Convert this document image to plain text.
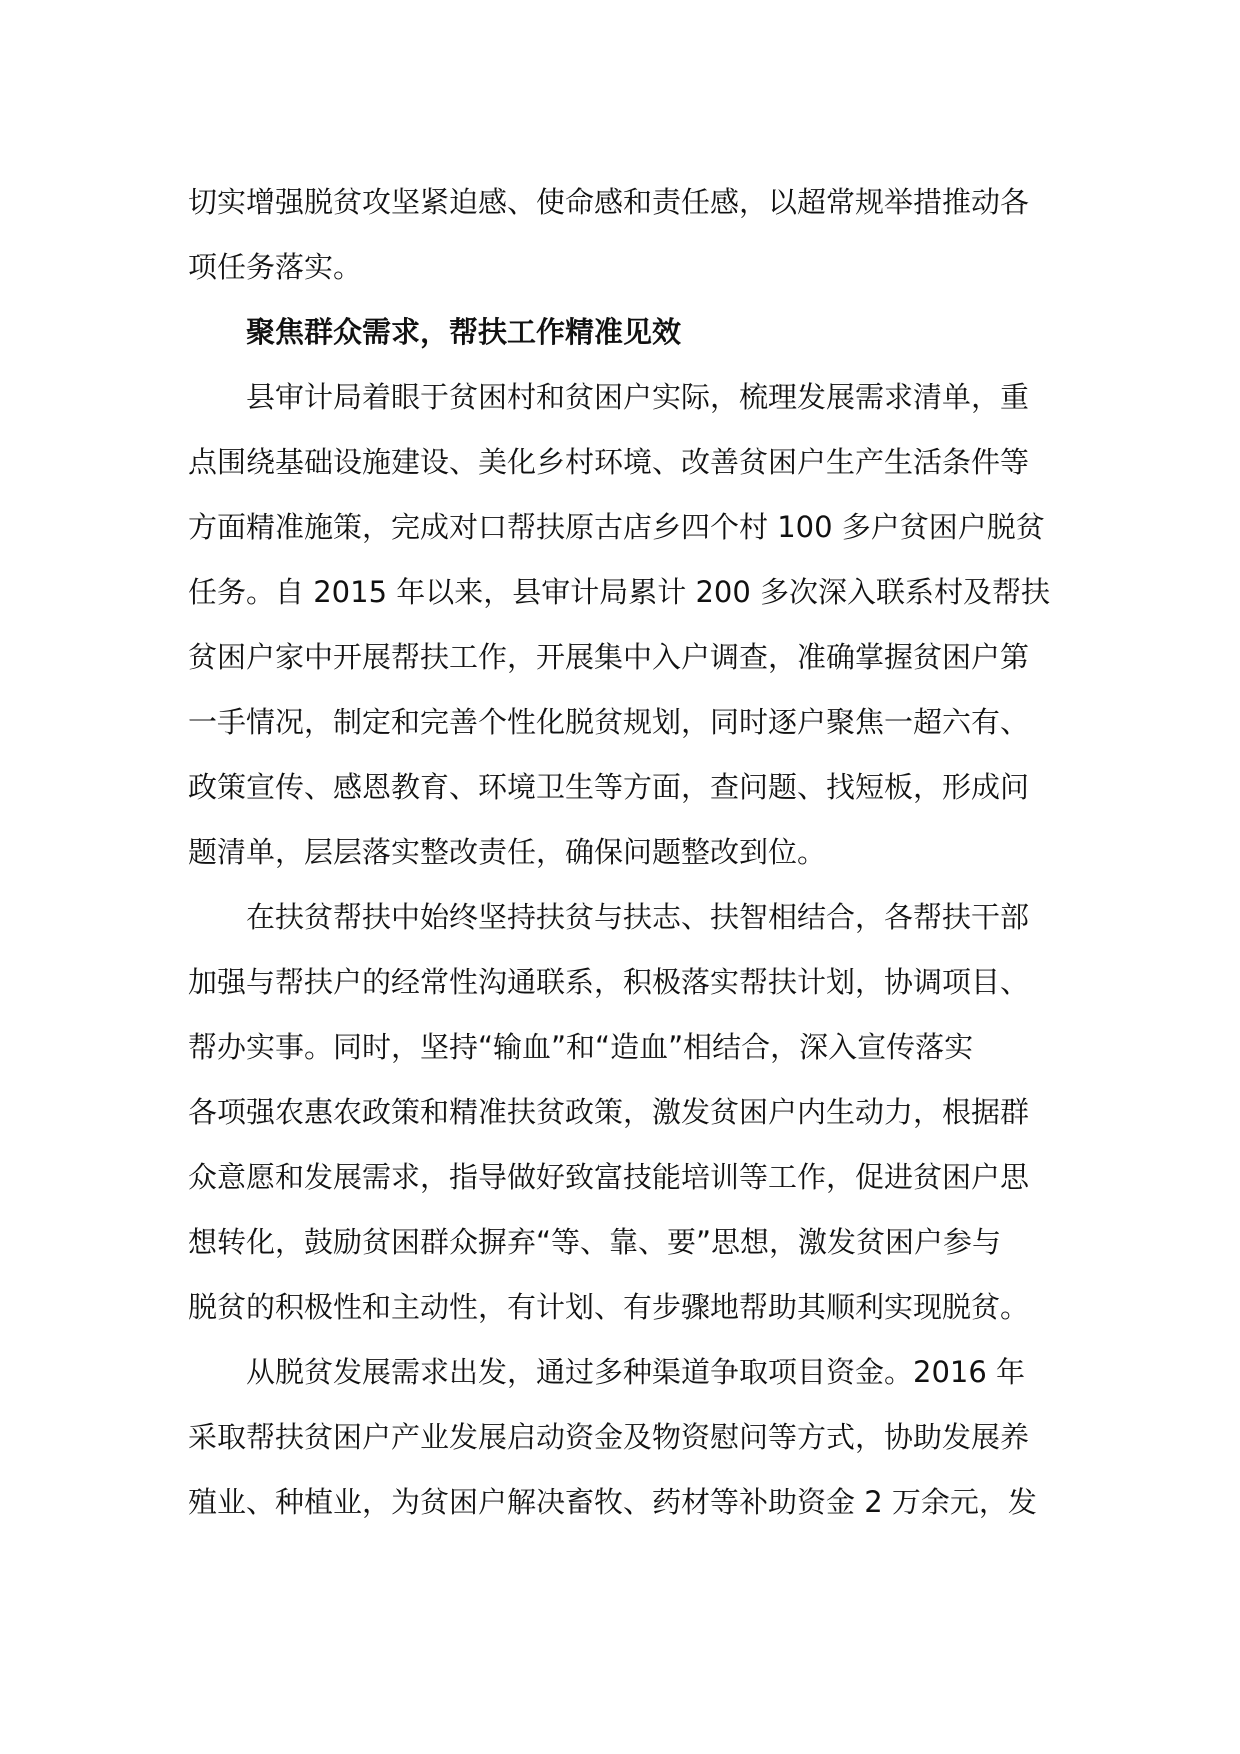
切实增强脱贫攻坚紧迫感、使命感和责任感，以超常规举措推动各
项任务落实。
聚焦群众需求，帮扶工作精准见效
县审计局着眼于贫困村和贫困户实际，梳理发展需求清单，重
点围绕基础设施建设、美化乡村环境、改善贫困户生产生活条件等
方面精准施策，完成对口帮扶原古店乡四个村 100 多户贫困户脱贫
任务。自 2015 年以来，县审计局累计 200 多次深入联系村及帮扶
贫困户家中开展帮扶工作，开展集中入户调查，准确掌握贫困户第
一手情况，制定和完善个性化脱贫规划，同时逐户聚焦一超六有、
政策宣传、感恩教育、环境卫生等方面，查问题、找短板，形成问
题清单，层层落实整改责任，确保问题整改到位。
在扶贫帮扶中始终坚持扶贫与扶志、扶智相结合，各帮扶干部
加强与帮扶户的经常性沟通联系，积极落实帮扶计划，协调项目、
帮办实事。同时，坚持“输血”和“造血”相结合，深入宣传落实
各项强农惠农政策和精准扶贫政策，激发贫困户内生动力，根据群
众意愿和发展需求，指导做好致富技能培训等工作，促进贫困户思
想转化，鼓励贫困群众摒弃“等、靠、要”思想，激发贫困户参与
脱贫的积极性和主动性，有计划、有步骤地帮助其顺利实现脱贫。
从脱贫发展需求出发，通过多种渠道争取项目资金。2016 年
采取帮扶贫困户产业发展启动资金及物资慰问等方式，协助发展养
殖业、种植业，为贫困户解决畜牧、药材等补助资金 2 万余元，发
